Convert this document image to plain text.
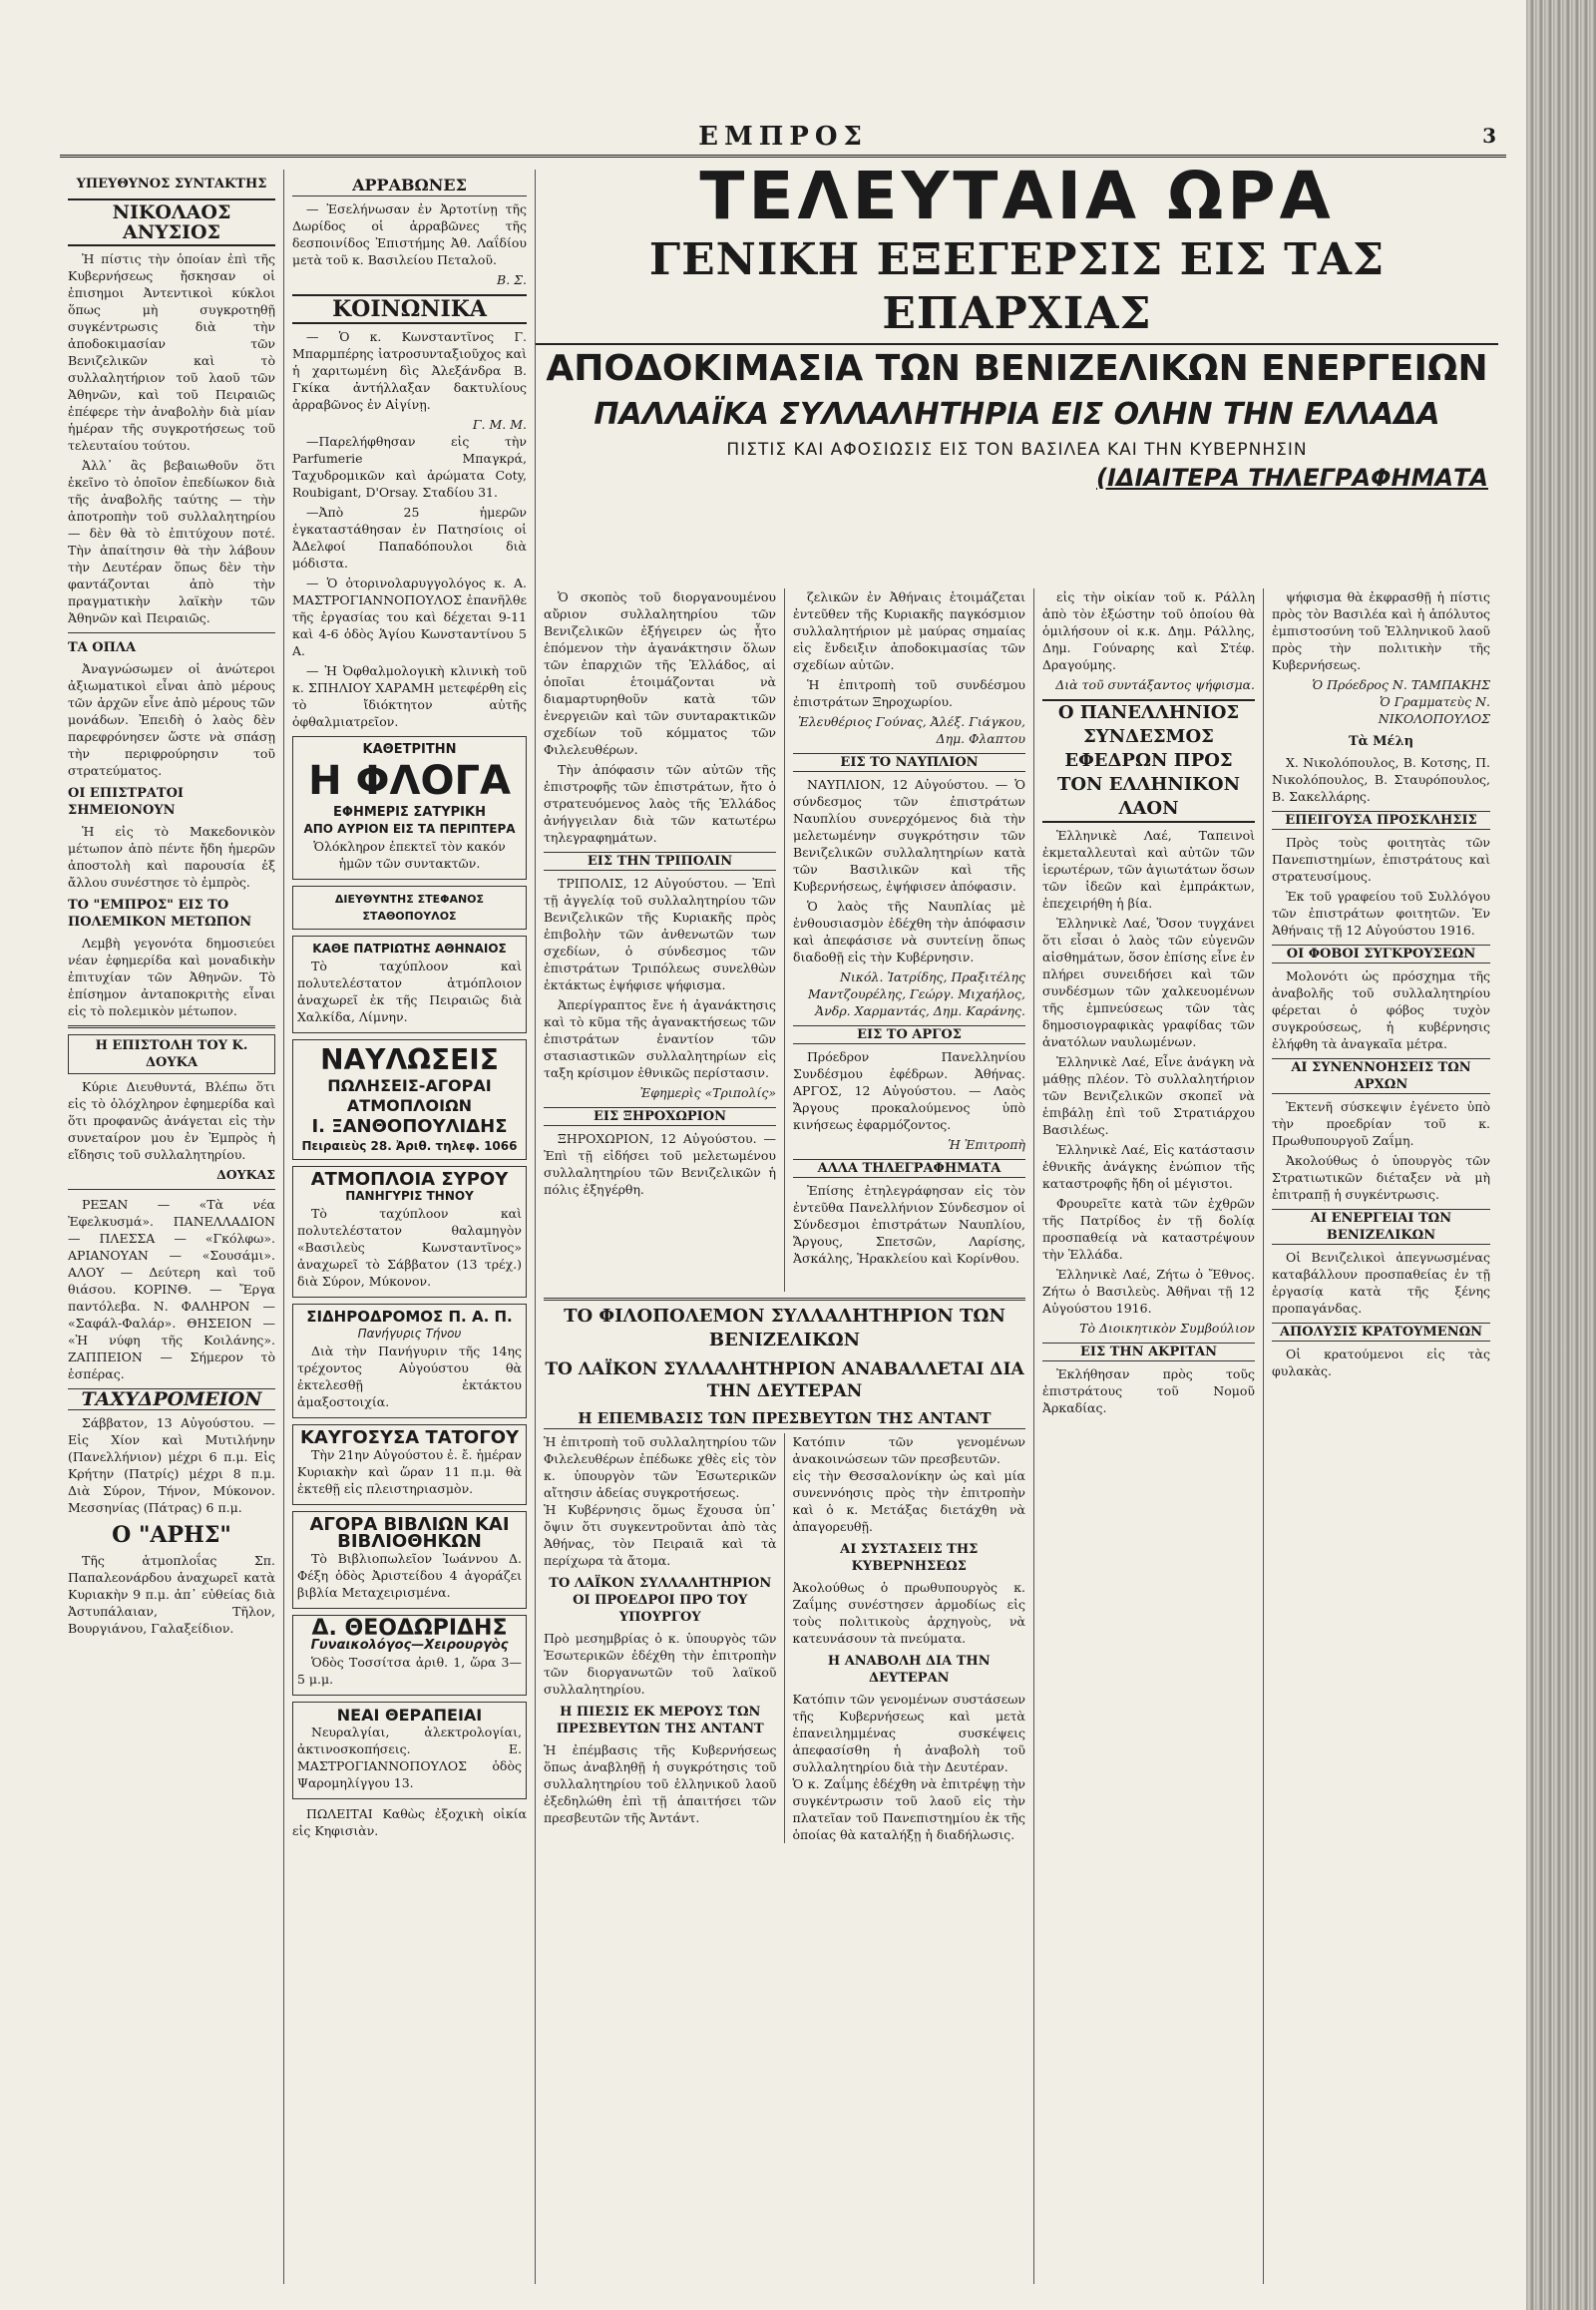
ΕΜΠΡΟΣ	3
ΥΠΕΥΘΥΝΟΣ ΣΥΝΤΑΚΤΗΣ
ΝΙΚΟΛΑΟΣ ΑΝΥΣΙΟΣ

Ἡ πίστις τὴν ὁποίαν ἐπὶ τῆς Κυβερνήσεως ἤσκησαν οἱ ἐπισημοι Ἀντεντικοὶ κύκλοι ὅπως μὴ συγκροτηθῇ συγκέντρωσις διὰ τὴν ἀποδοκιμασίαν τῶν Βενιζελικῶν καὶ τὸ συλλαλητήριον τοῦ λαοῦ τῶν Ἀθηνῶν, καὶ τοῦ Πειραιῶς ἐπέφερε τὴν ἀναβολὴν διὰ μίαν ἡμέραν τῆς συγκροτήσεως τοῦ τελευταίου τούτου.

Ἀλλ᾽ ἂς βεβαιωθοῦν ὅτι ἐκεῖνο τὸ ὁποῖον ἐπεδίωκον διὰ τῆς ἀναβολῆς ταύτης — τὴν ἀποτροπὴν τοῦ συλλαλητηρίου — δὲν θὰ τὸ ἐπιτύχουν ποτέ. Τὴν ἀπαίτησιν θὰ τὴν λάβουν τὴν Δευτέραν ὅπως δὲν τὴν φαντάζονται ἀπὸ τὴν πραγματικὴν λαϊκὴν τῶν Ἀθηνῶν καὶ Πειραιῶς.

ΤΑ ΟΠΛΑ

Ἀναγνώσωμεν οἱ ἀνώτεροι ἀξιωματικοὶ εἶναι ἀπὸ μέρους τῶν ἀρχῶν εἶνε ἀπὸ μέρους τῶν μονάδων. Ἐπειδὴ ὁ λαὸς δὲν παρεφρόνησεν ὥστε νὰ σπάσῃ τὴν περιφρούρησιν τοῦ στρατεύματος.

ΟΙ ΕΠΙΣΤΡΑΤΟΙ ΣΗΜΕΙΟΝΟΥΝ

Ἡ εἰς τὸ Μακεδονικὸν μέτωπον ἀπὸ πέντε ἤδη ἡμερῶν ἀποστολὴ καὶ παρουσία ἐξ ἄλλου συνέστησε τὸ ἐμπρὸς.

ΤΟ "ΕΜΠΡΟΣ" ΕΙΣ ΤΟ ΠΟΛΕΜΙΚΟΝ ΜΕΤΩΠΟΝ

Λεμβὴ γεγονότα δημοσιεύει νέαν ἐφημερίδα καὶ μοναδικὴν ἐπιτυχίαν τῶν Ἀθηνῶν. Τὸ ἐπίσημον ἀνταποκριτὴς εἶναι εἰς τὸ πολεμικὸν μέτωπον.

Η ΕΠΙΣΤΟΛΗ ΤΟΥ Κ. ΔΟΥΚΑ

Κύριε Διευθυντά, Βλέπω ὅτι εἰς τὸ ὁλόχληρον ἐφημερίδα καὶ ὅτι προφανῶς ἀνάγεται εἰς τὴν συνεταίρον μου ἐν Ἐμπρὸς ἡ εἴδησις τοῦ συλλαλητηρίου.

ΔΟΥΚΑΣ

ΡΕΞΑΝ — «Τὰ νέα Ἐφελκυσμά». ΠΑΝΕΛΛΑΔΙΟΝ — ΠΛΕΣΣΑ — «Γκόλφω». ΑΡΙΑΝΟΥΑΝ — «Σουσάμι». ΑΛΟΥ — Δεύτερη καὶ τοῦ θιάσου. ΚΟΡΙΝΘ. — Ἔργα παντόλεβα. Ν. ΦΑΛΗΡΟΝ — «Σαφάλ-Φαλάρ». ΘΗΣΕΙΟΝ — «Ἡ νύφη τῆς Κοιλάνης». ΖΑΠΠΕΙΟΝ — Σήμερον τὸ ἑσπέρας.

ΤΑΧΥΔΡΟΜΕΙΟΝ

Σάββατον, 13 Αὐγούστου. — Εἰς Χίον καὶ Μυτιλήνην (Πανελλήνιον) μέχρι 6 π.μ. Εἰς Κρήτην (Πατρίς) μέχρι 8 π.μ. Διὰ Σύρον, Τήνον, Μύκονον. Μεσσηνίας (Πάτρας) 6 π.μ.

Ο "ΑΡΗΣ"

Τῆς ἀτμοπλοΐας Σπ. Παπαλεονάρδου ἀναχωρεῖ κατὰ Κυριακὴν 9 π.μ. ἀπ᾽ εὐθείας διὰ Ἀστυπάλαιαν, Τῆλον, Βουργιάνου, Γαλαξείδιον.

ΑΡΡΑΒΩΝΕΣ

— Ἐσελήνωσαν ἐν Ἀρτοτίνῃ τῆς Δωρίδος οἱ ἀρραβῶνες τῆς δεσποινίδος Ἐπιστήμης Ἀθ. Λαΐδίου μετὰ τοῦ κ. Βασιλείου Πεταλοῦ.

Β. Σ.
ΚΟΙΝΩΝΙΚΑ

— Ὁ κ. Κωνσταντῖνος Γ. Μπαρμπέρης ἰατροσυνταξιοῦχος καὶ ἡ χαριτωμένη δὶς Ἀλεξάνδρα Β. Γκίκα ἀντήλλαξαν δακτυλίους ἀρραβῶνος ἐν Αἰγίνῃ.

Γ. Μ. Μ.

—Παρελήφθησαν εἰς τὴν Parfumerie Μπαγκρά, Ταχυδρομικῶν καὶ ἀρώματα Coty, Roubigant, D'Orsay. Σταδίου 31.

—Ἀπὸ 25 ἡμερῶν ἐγκαταστάθησαν ἐν Πατησίοις οἱ ἈΔελφοί Παπαδόπουλοι διὰ μόδιστα.

— Ὁ ὀτορινολαρυγγολόγος κ. Α. ΜΑΣΤΡΟΓΙΑΝΝΟΠΟΥΛΟΣ ἐπανῆλθε τῆς ἐργασίας του καὶ δέχεται 9-11 καὶ 4-6 ὁδὸς Ἁγίου Κωνσταντίνου 5 Α.

— Ἡ Ὀφθαλμολογικὴ κλινικὴ τοῦ κ. ΣΠΗΛΙΟΥ ΧΑΡΑΜΗ μετεφέρθη εἰς τὸ ἴδιόκτητον αὐτῆς ὀφθαλμιατρεῖον.

ΚΑΘΕΤΡΙΤΗΝ
Η ΦΛΟΓΑ
ΕΦΗΜΕΡΙΣ ΣΑΤΥΡΙΚΗ
ΑΠΟ ΑΥΡΙΟΝ ΕΙΣ ΤΑ ΠΕΡΙΠΤΕΡΑ

Ὁλόκληρον ἐπεκτεῖ τὸν κακόν ἡμῶν τῶν συντακτῶν.

ΔΙΕΥΘΥΝΤΗΣ ΣΤΕΦΑΝΟΣ ΣΤΑΘΟΠΟΥΛΟΣ
ΚΑΘΕ ΠΑΤΡΙΩΤΗΣ ΑΘΗΝΑΙΟΣ

Τὸ ταχύπλοον καὶ πολυτελέστατον ἀτμόπλοιον ἀναχωρεῖ ἐκ τῆς Πειραιῶς διὰ Χαλκίδα, Λίμνην.

ΝΑΥΛΩΣΕΙΣ
ΠΩΛΗΣΕΙΣ-ΑΓΟΡΑΙ ΑΤΜΟΠΛΟΙΩΝ
Ι. ΞΑΝΘΟΠΟΥΛΙΔΗΣ
Πειραιεὺς 28. Ἀριθ. τηλεφ. 1066
ΑΤΜΟΠΛΟΙΑ ΣΥΡΟΥ
ΠΑΝΗΓΥΡΙΣ ΤΗΝΟΥ

Τὸ ταχύπλοον καὶ πολυτελέστατον θαλαμηγὸν «Βασιλεὺς Κωνσταντῖνος» ἀναχωρεῖ τὸ Σάββατον (13 τρέχ.) διὰ Σύρον, Μύκονον.

ΣΙΔΗΡΟΔΡΟΜΟΣ Π. Α. Π.
Πανήγυρις Τήνου

Διὰ τὴν Πανήγυριν τῆς 14ης τρέχοντος Αὐγούστου θὰ ἐκτελεσθῇ ἐκτάκτου ἀμαξοστοιχία.

ΚΑΥΓΟΣΥΣΑ ΤΑΤΟΓΟΥ

Τὴν 21ην Αὐγούστου ἐ. ἔ. ἡμέραν Κυριακὴν καὶ ὥραν 11 π.μ. θὰ ἐκτεθῇ εἰς πλειστηριασμὸν.

ΑΓΟΡΑ ΒΙΒΛΙΩΝ ΚΑΙ ΒΙΒΛΙΟΘΗΚΩΝ

Τὸ Βιβλιοπωλεῖον Ἰωάννου Δ. Φέξη ὁδὸς Ἀριστείδου 4 ἀγοράζει βιβλία Μεταχειρισμένα.

Δ. ΘΕΟΔΩΡΙΔΗΣ
Γυναικολόγος—Χειρουργὸς

Ὁδὸς Τοσσίτσα ἀριθ. 1, ὥρα 3—5 μ.μ.

ΝΕΑΙ ΘΕΡΑΠΕΙΑΙ

Νευραλγίαι, ἀλεκτρολογίαι, ἀκτινοσκοπήσεις. Ε. ΜΑΣΤΡΟΓΙΑΝΝΟΠΟΥΛΟΣ ὁδὸς Ψαρομηλίγγου 13.

ΠΩΛΕΙΤΑΙ Καθὼς ἐξοχικὴ οἰκία εἰς Κηφισιὰν.

ΤΕΛΕΥΤΑΙΑ ΩΡΑ
ΓΕΝΙΚΗ ΕΞΕΓΕΡΣΙΣ ΕΙΣ ΤΑΣ ΕΠΑΡΧΙΑΣ
ΑΠΟΔΟΚΙΜΑΣΙΑ ΤΩΝ ΒΕΝΙΖΕΛΙΚΩΝ ΕΝΕΡΓΕΙΩΝ
ΠΑΛΛΑΪΚΑ ΣΥΛΛΑΛΗΤΗΡΙΑ ΕΙΣ ΟΛΗΝ ΤΗΝ ΕΛΛΑΔΑ
ΠΙΣΤΙΣ ΚΑΙ ΑΦΟΣΙΩΣΙΣ ΕΙΣ ΤΟΝ ΒΑΣΙΛΕΑ ΚΑΙ ΤΗΝ ΚΥΒΕΡΝΗΣΙΝ
(ΙΔΙΑΙΤΕΡΑ ΤΗΛΕΓΡΑΦΗΜΑΤΑ

Ὁ σκοπὸς τοῦ διοργανουμένου αὔριον συλλαλητηρίου τῶν Βενιζελικῶν ἐξήγειρεν ὡς ἦτο ἑπόμενον τὴν ἀγανάκτησιν ὅλων τῶν ἐπαρχιῶν τῆς Ἑλλάδος, αἱ ὁποῖαι ἑτοιμάζονται νὰ διαμαρτυρηθοῦν κατὰ τῶν ἐνεργειῶν καὶ τῶν συνταρακτικῶν σχεδίων τοῦ κόμματος τῶν Φιλελευθέρων.

Τὴν ἀπόφασιν τῶν αὐτῶν τῆς ἐπιστροφῆς τῶν ἐπιστράτων, ἤτο ὁ στρατευόμενος λαὸς τῆς Ἑλλάδος ἀνήγγειλαν διὰ τῶν κατωτέρω τηλεγραφημάτων.

ΕΙΣ ΤΗΝ ΤΡΙΠΟΛΙΝ

ΤΡΙΠΟΛΙΣ, 12 Αὐγούστου. — Ἐπὶ τῇ ἀγγελίᾳ τοῦ συλλαλητηρίου τῶν Βενιζελικῶν τῆς Κυριακῆς πρὸς ἐπιβολὴν τῶν ἀνθενωτῶν των σχεδίων, ὁ σύνδεσμος τῶν ἐπιστράτων Τριπόλεως συνελθὼν ἐκτάκτως ἐψήφισε ψήφισμα.

Ἀπερίγραπτος ἔνε ἡ ἀγανάκτησις καὶ τὸ κῦμα τῆς ἀγανακτήσεως τῶν ἐπιστράτων ἐναντίον τῶν στασιαστικῶν συλλαλητηρίων εἰς ταξη κρίσιμον ἐθνικῶς περίστασιν.

Ἐφημερὶς «Τριπολίς»
ΕΙΣ ΞΗΡΟΧΩΡΙΟΝ

ΞΗΡΟΧΩΡΙΟΝ, 12 Αὐγούστου. — Ἐπὶ τῇ εἰδήσει τοῦ μελετωμένου συλλαλητηρίου τῶν Βενιζελικῶν ἡ πόλις ἐξηγέρθη.

ζελικῶν ἐν Ἀθήναις ἑτοιμάζεται ἐντεῦθεν τῆς Κυριακῆς παγκόσμιον συλλαλητήριον μὲ μαύρας σημαίας εἰς ἔνδειξιν ἀποδοκιμασίας τῶν σχεδίων αὐτῶν.

Ἡ ἐπιτροπὴ τοῦ συνδέσμου ἐπιστράτων Ξηροχωρίου.

Ἐλευθέριος Γούνας, Ἀλέξ. Γιάγκου, Δημ. Φλαπτου
ΕΙΣ ΤΟ ΝΑΥΠΛΙΟΝ

ΝΑΥΠΛΙΟΝ, 12 Αὐγούστου. — Ὁ σύνδεσμος τῶν ἐπιστράτων Ναυπλίου συνερχόμενος διὰ τὴν μελετωμένην συγκρότησιν τῶν Βενιζελικῶν συλλαλητηρίων κατὰ τῶν Βασιλικῶν καὶ τῆς Κυβερνήσεως, ἐψήφισεν ἀπόφασιν.

Ὁ λαὸς τῆς Ναυπλίας μὲ ἐνθουσιασμὸν ἐδέχθη τὴν ἀπόφασιν καὶ ἀπεφάσισε νὰ συντείνῃ ὅπως διαδοθῇ εἰς τὴν Κυβέρνησιν.

Νικόλ. Ἰατρίδης, Πραξιτέλης Μαντζουρέλης, Γεώργ. Μιχαήλος, Ἀνδρ. Χαρμαντάς, Δημ. Καράνης.
ΕΙΣ ΤΟ ΑΡΓΟΣ

Πρόεδρον Πανελληνίου Συνδέσμου ἐφέδρων. Ἀθήνας. ΑΡΓΟΣ, 12 Αὐγούστου. — Λαὸς Ἄργους προκαλούμενος ὑπὸ κινήσεως ἐφαρμόζοντος.

Ἡ Ἐπιτροπὴ
ΑΛΛΑ ΤΗΛΕΓΡΑΦΗΜΑΤΑ

Ἐπίσης ἐτηλεγράφησαν εἰς τὸν ἐντεῦθα Πανελλήνιον Σύνδεσμον οἱ Σύνδεσμοι ἐπιστράτων Ναυπλίου, Ἄργους, Σπετσῶν, Λαρίσης, Ἀσκάλης, Ἡρακλείου καὶ Κορίνθου.

ΤΟ ΦΙΛΟΠΟΛΕΜΟΝ ΣΥΛΛΑΛΗΤΗΡΙΟΝ ΤΩΝ ΒΕΝΙΖΕΛΙΚΩΝ
ΤΟ ΛΑΪΚΟΝ ΣΥΛΛΑΛΗΤΗΡΙΟΝ ΑΝΑΒΑΛΛΕΤΑΙ ΔΙΑ ΤΗΝ ΔΕΥΤΕΡΑΝ
Η ΕΠΕΜΒΑΣΙΣ ΤΩΝ ΠΡΕΣΒΕΥΤΩΝ ΤΗΣ ΑΝΤΑΝΤ

Ἡ ἐπιτροπὴ τοῦ συλλαλητηρίου τῶν Φιλελευθέρων ἐπέδωκε χθὲς εἰς τὸν κ. ὑπουργὸν τῶν Ἐσωτερικῶν αἴτησιν ἀδείας συγκροτήσεως.

Ἡ Κυβέρνησις ὅμως ἔχουσα ὑπ᾽ ὄψιν ὅτι συγκεντροῦνται ἀπὸ τὰς Ἀθήνας, τὸν Πειραιᾶ καὶ τὰ περίχωρα τὰ ἄτομα.

ΤΟ ΛΑΪΚΟΝ ΣΥΛΛΑΛΗΤΗΡΙΟΝ ΟΙ ΠΡΟΕΔΡΟΙ ΠΡΟ ΤΟΥ ΥΠΟΥΡΓΟΥ

Πρὸ μεσημβρίας ὁ κ. ὑπουργὸς τῶν Ἐσωτερικῶν ἐδέχθη τὴν ἐπιτροπὴν τῶν διοργανωτῶν τοῦ λαϊκοῦ συλλαλητηρίου.

Η ΠΙΕΣΙΣ ΕΚ ΜΕΡΟΥΣ ΤΩΝ ΠΡΕΣΒΕΥΤΩΝ ΤΗΣ ΑΝΤΑΝΤ

Ἡ ἐπέμβασις τῆς Κυβερνήσεως ὅπως ἀναβληθῇ ἡ συγκρότησις τοῦ συλλαλητηρίου τοῦ ἑλληνικοῦ λαοῦ ἐξεδηλώθη ἐπὶ τῇ ἀπαιτήσει τῶν πρεσβευτῶν τῆς Ἀντάντ.

Κατόπιν τῶν γενομένων ἀνακοινώσεων τῶν πρεσβευτῶν.

εἰς τὴν Θεσσαλονίκην ὡς καὶ μία συνεννόησις πρὸς τὴν ἐπιτροπὴν καὶ ὁ κ. Μετάξας διετάχθη νὰ ἀπαγορευθῇ.

ΑΙ ΣΥΣΤΑΣΕΙΣ ΤΗΣ ΚΥΒΕΡΝΗΣΕΩΣ

Ἀκολούθως ὁ πρωθυπουργὸς κ. Ζαΐμης συνέστησεν ἁρμοδίως εἰς τοὺς πολιτικοὺς ἀρχηγοὺς, νὰ κατευνάσουν τὰ πνεύματα.

Η ΑΝΑΒΟΛΗ ΔΙΑ ΤΗΝ ΔΕΥΤΕΡΑΝ

Κατόπιν τῶν γενομένων συστάσεων τῆς Κυβερνήσεως καὶ μετὰ ἐπανειλημμένας συσκέψεις ἀπεφασίσθη ἡ ἀναβολὴ τοῦ συλλαλητηρίου διὰ τὴν Δευτέραν.

Ὁ κ. Ζαΐμης ἐδέχθη νὰ ἐπιτρέψῃ τὴν συγκέντρωσιν τοῦ λαοῦ εἰς τὴν πλατεῖαν τοῦ Πανεπιστημίου ἐκ τῆς ὁποίας θὰ καταλήξῃ ἡ διαδήλωσις.

εἰς τὴν οἰκίαν τοῦ κ. Ράλλη ἀπὸ τὸν ἐξώστην τοῦ ὁποίου θὰ ὁμιλήσουν οἱ κ.κ. Δημ. Ράλλης, Δημ. Γούναρης καὶ Στέφ. Δραγούμης.

Διὰ τοῦ συντάξαντος ψήφισμα.
Ο ΠΑΝΕΛΛΗΝΙΟΣ ΣΥΝΔΕΣΜΟΣ ΕΦΕΔΡΩΝ ΠΡΟΣ ΤΟΝ ΕΛΛΗΝΙΚΟΝ ΛΑΟΝ

Ἑλληνικὲ Λαέ, Ταπεινοὶ ἐκμεταλλευταὶ καὶ αὐτῶν τῶν ἱερωτέρων, τῶν ἀγιωτάτων ὅσων τῶν ἰδεῶν καὶ ἐμπράκτων, ἐπεχειρήθη ἡ βία.

Ἑλληνικὲ Λαέ, Ὅσον τυγχάνει ὅτι εἶσαι ὁ λαὸς τῶν εὐγενῶν αἰσθημάτων, ὅσον ἐπίσης εἶνε ἐν πλήρει συνειδήσει καὶ τῶν συνδέσμων τῶν χαλκευομένων τῆς ἐμπνεύσεως τῶν τὰς δημοσιογραφικὰς γραφίδας τῶν ἀνατόλων ναυλωμένων.

Ἑλληνικὲ Λαέ, Εἶνε ἀνάγκη νὰ μάθῃς πλέον. Τὸ συλλαλητήριον τῶν Βενιζελικῶν σκοπεῖ νὰ ἐπιβάλῃ ἐπὶ τοῦ Στρατιάρχου Βασιλέως.

Ἑλληνικὲ Λαέ, Εἰς κατάστασιν ἐθνικῆς ἀνάγκης ἐνώπιον τῆς καταστροφῆς ἤδη οἱ μέγιστοι.

Φρουρεῖτε κατὰ τῶν ἐχθρῶν τῆς Πατρίδος ἐν τῇ δολίᾳ προσπαθείᾳ νὰ καταστρέψουν τὴν Ἑλλάδα.

Ἑλληνικὲ Λαέ, Ζήτω ὁ Ἔθνος. Ζήτω ὁ Βασιλεὺς. Ἀθῆναι τῇ 12 Αὐγούστου 1916.

Τὸ Διοικητικὸν Συμβούλιον
ΕΙΣ ΤΗΝ ΑΚΡΙΤΑΝ

Ἐκλήθησαν πρὸς τοῦς ἐπιστράτους τοῦ Νομοῦ Ἀρκαδίας.

ψήφισμα θὰ ἐκφρασθῇ ἡ πίστις πρὸς τὸν Βασιλέα καὶ ἡ ἀπόλυτος ἐμπιστοσύνη τοῦ Ἑλληνικοῦ λαοῦ πρὸς τὴν πολιτικὴν τῆς Κυβερνήσεως.

Ὁ Πρόεδρος Ν. ΤΑΜΠΑΚΗΣ
Ὁ Γραμματεὺς Ν. ΝΙΚΟΛΟΠΟΥΛΟΣ
Τὰ Μέλη

Χ. Νικολόπουλος, Β. Κοτσης, Π. Νικολόπουλος, Β. Σταυρόπουλος, Β. Σακελλάρης.

ΕΠΕΙΓΟΥΣΑ ΠΡΟΣΚΛΗΣΙΣ

Πρὸς τοὺς φοιτητὰς τῶν Πανεπιστημίων, ἐπιστράτους καὶ στρατευσίμους.

Ἐκ τοῦ γραφείου τοῦ Συλλόγου τῶν ἐπιστράτων φοιτητῶν. Ἐν Ἀθήναις τῇ 12 Αὐγούστου 1916.

ΟΙ ΦΟΒΟΙ ΣΥΓΚΡΟΥΣΕΩΝ

Μολονότι ὡς πρόσχημα τῆς ἀναβολῆς τοῦ συλλαλητηρίου φέρεται ὁ φόβος τυχὸν συγκρούσεως, ἡ κυβέρνησις ἐλήφθη τὰ ἀναγκαῖα μέτρα.

ΑΙ ΣΥΝΕΝΝΟΗΣΕΙΣ ΤΩΝ ΑΡΧΩΝ

Ἐκτενῆ σύσκεψιν ἐγένετο ὑπὸ τὴν προεδρίαν τοῦ κ. Πρωθυπουργοῦ Ζαΐμη.

Ἀκολούθως ὁ ὑπουργὸς τῶν Στρατιωτικῶν διέταξεν νὰ μὴ ἐπιτραπῇ ἡ συγκέντρωσις.

ΑΙ ΕΝΕΡΓΕΙΑΙ ΤΩΝ ΒΕΝΙΖΕΛΙΚΩΝ

Οἱ Βενιζελικοὶ ἀπεγνωσμένας καταβάλλουν προσπαθείας ἐν τῇ ἐργασίᾳ κατὰ τῆς ξένης προπαγάνδας.

ΑΠΟΛΥΣΙΣ ΚΡΑΤΟΥΜΕΝΩΝ

Οἱ κρατούμενοι εἰς τὰς φυλακὰς.
